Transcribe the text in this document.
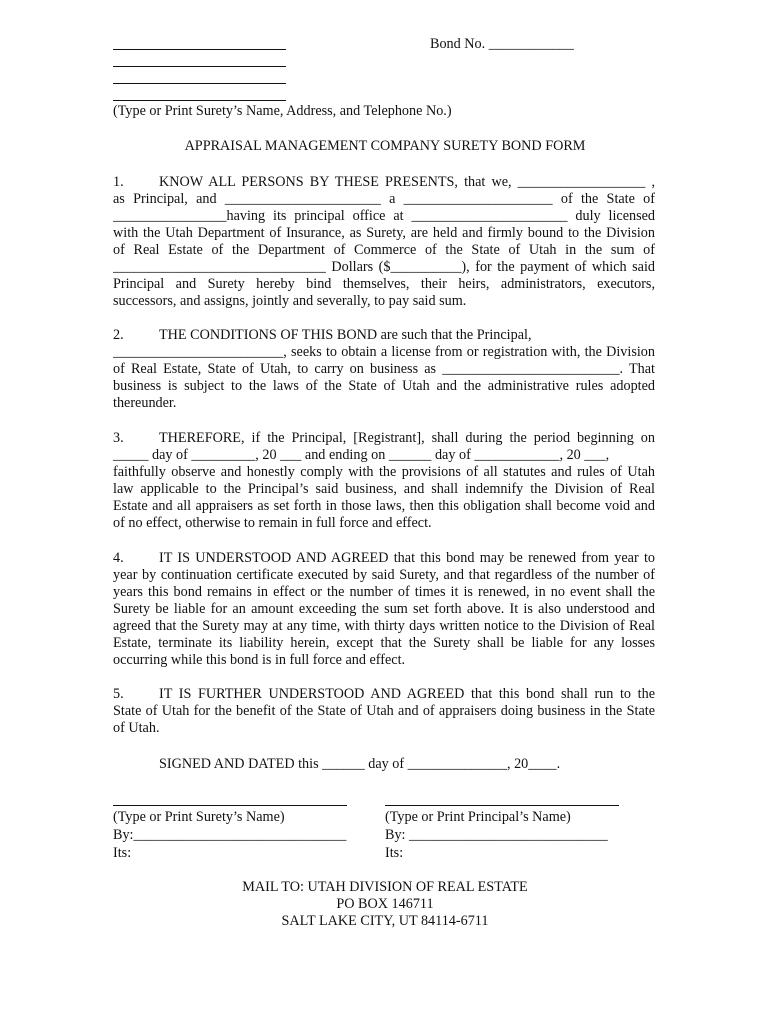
Bond No. ____________
(Type or Print Surety’s Name, Address, and Telephone No.)
APPRAISAL MANAGEMENT COMPANY SURETY BOND FORM
1. KNOW ALL PERSONS BY THESE PRESENTS, that we, __________________ ,
as Principal, and ______________________ a _____________________ of the State of
________________having its principal office at ______________________ duly licensed
with the Utah Department of Insurance, as Surety, are held and firmly bound to the Division
of Real Estate of the Department of Commerce of the State of Utah in the sum of
______________________________ Dollars ($__________), for the payment of which said
Principal and Surety hereby bind themselves, their heirs, administrators, executors,
successors, and assigns, jointly and severally, to pay said sum.
2. THE CONDITIONS OF THIS BOND are such that the Principal,
________________________, seeks to obtain a license from or registration with, the Division
of Real Estate, State of Utah, to carry on business as _________________________. That
business is subject to the laws of the State of Utah and the administrative rules adopted
thereunder.
3. THEREFORE, if the Principal, [Registrant], shall during the period beginning on
_____ day of _________, 20 ___ and ending on ______ day of ____________, 20 ___,
faithfully observe and honestly comply with the provisions of all statutes and rules of Utah
law applicable to the Principal’s said business, and shall indemnify the Division of Real
Estate and all appraisers as set forth in those laws, then this obligation shall become void and
of no effect, otherwise to remain in full force and effect.
4. IT IS UNDERSTOOD AND AGREED that this bond may be renewed from year to
year by continuation certificate executed by said Surety, and that regardless of the number of
years this bond remains in effect or the number of times it is renewed, in no event shall the
Surety be liable for an amount exceeding the sum set forth above. It is also understood and
agreed that the Surety may at any time, with thirty days written notice to the Division of Real
Estate, terminate its liability herein, except that the Surety shall be liable for any losses
occurring while this bond is in full force and effect.
5. IT IS FURTHER UNDERSTOOD AND AGREED that this bond shall run to the
State of Utah for the benefit of the State of Utah and of appraisers doing business in the State
of Utah.
SIGNED AND DATED this ______ day of ______________, 20____.
(Type or Print Surety’s Name)
By:______________________________
Its:
(Type or Print Principal’s Name)
By: ____________________________
Its:
MAIL TO: UTAH DIVISION OF REAL ESTATE
PO BOX 146711
SALT LAKE CITY, UT 84114-6711
